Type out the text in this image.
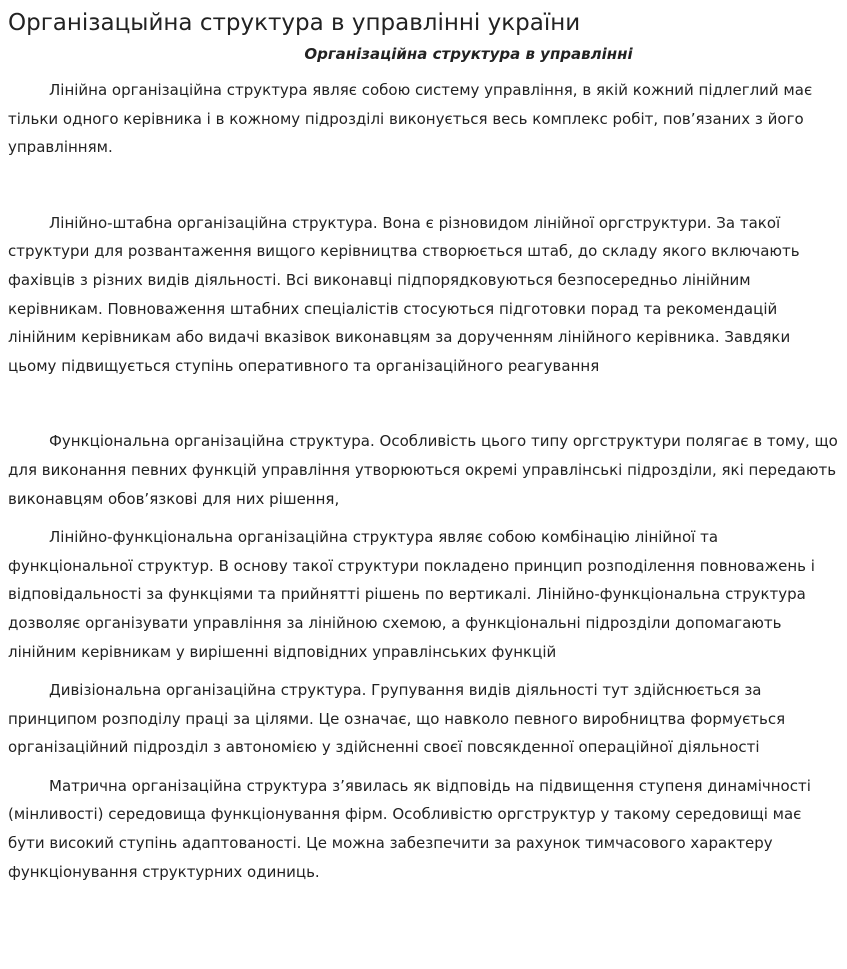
Організацыйна структура в управлінні україни

Організаційна структура в управлінні

Лінійна організаційна структура являє собою систему управління, в якій кожний підлеглий має тільки одного керівника і в кожному підрозділі виконується весь комплекс робіт, пов’язаних з його управлінням.

Лінійно-штабна організаційна структура. Вона є різновидом лінійної оргструктури. За такої структури для розвантаження вищого керівництва створюється штаб, до складу якого включають фахівців з різних видів діяльності. Всі виконавці підпорядковуються безпосередньо лінійним керівникам. Повноваження штабних спеціалістів стосуються підготовки порад та рекомендацій лінійним керівникам або видачі вказівок виконавцям за дорученням лінійного керівника. Завдяки цьому підвищується ступінь оперативного та організаційного реагування

Функціональна організаційна структура. Особливість цього типу оргструктури полягає в тому, що для виконання певних функцій управління утворюються окремі управлінські підрозділи, які передають виконавцям обов’язкові для них рішення,

Лінійно-функціональна організаційна структура являє собою комбінацію лінійної та функціональної структур. В основу такої структури покладено принцип розподілення повноважень і відповідальності за функціями та прийнятті рішень по вертикалі. Лінійно-функціональна структура дозволяє організувати управління за лінійною схемою, а функціональні підрозділи допомагають лінійним керівникам у вирішенні відповідних управлінських функцій

Дивізіональна організаційна структура. Групування видів діяльності тут здійснюється за принципом розподілу праці за цілями. Це означає, що навколо певного виробництва формується організаційний підрозділ з автономією у здійсненні своєї повсякденної операційної діяльності

Матрична організаційна структура з’явилась як відповідь на підвищення ступеня динамічності (мінливості) середовища функціонування фірм. Особливістю оргструктур у такому середовищі має бути високий ступінь адаптованості. Це можна забезпечити за рахунок тимчасового характеру функціонування структурних одиниць.
